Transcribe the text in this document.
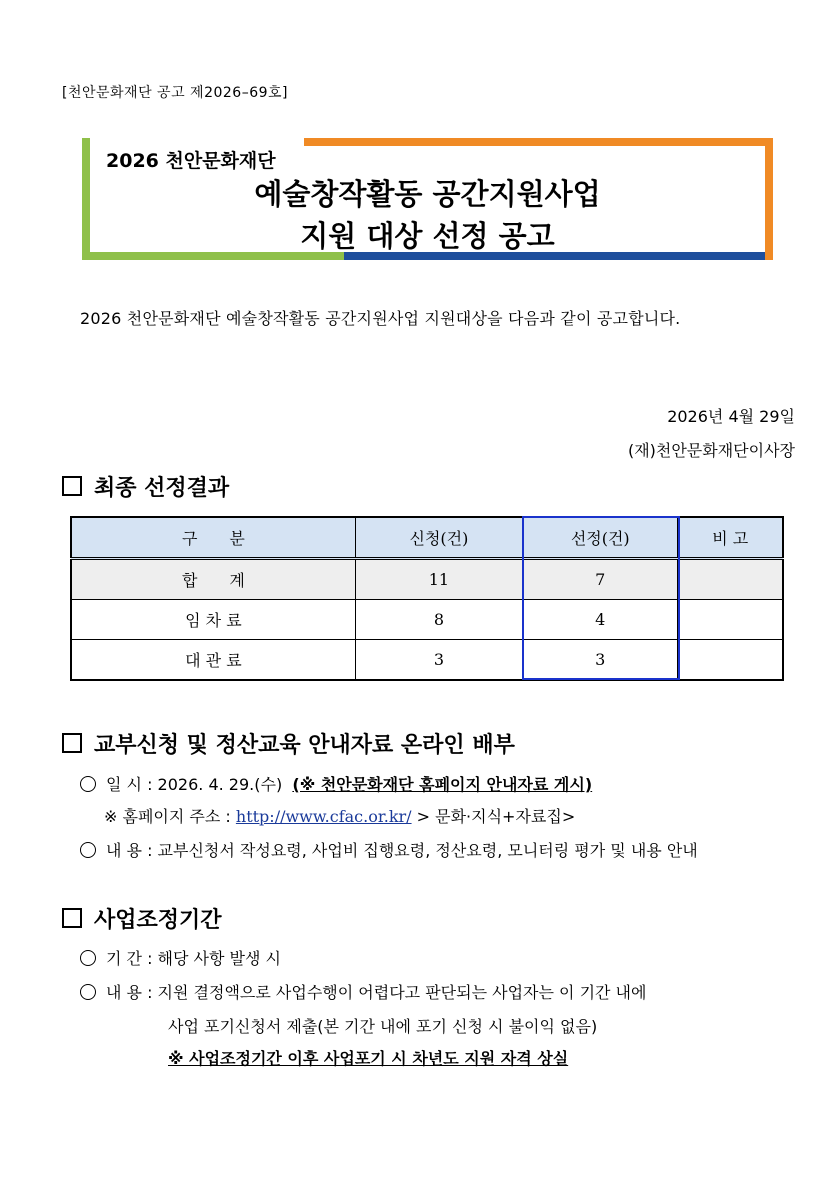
[천안문화재단 공고 제2026–69호]
2026 천안문화재단
예술창작활동 공간지원사업
지원 대상 선정 공고
2026 천안문화재단 예술창작활동 공간지원사업 지원대상을 다음과 같이 공고합니다.
2026년 4월 29일
(재)천안문화재단이사장
최종 선정결과
구　　분	신청(건)	선정(건)	비 고
합　　계	11	7	
임 차 료	8	4	
대 관 료	3	3	
교부신청 및 정산교육 안내자료 온라인 배부
일 시 : 2026. 4. 29.(수) (※ 천안문화재단 홈페이지 안내자료 게시)
※ 홈페이지 주소 : http://www.cfac.or.kr/ > 문화·지식+자료집>
내 용 : 교부신청서 작성요령, 사업비 집행요령, 정산요령, 모니터링 평가 및 내용 안내
사업조정기간
기 간 : 해당 사항 발생 시
내 용 : 지원 결정액으로 사업수행이 어렵다고 판단되는 사업자는 이 기간 내에
사업 포기신청서 제출(본 기간 내에 포기 신청 시 불이익 없음)
※ 사업조정기간 이후 사업포기 시 차년도 지원 자격 상실
